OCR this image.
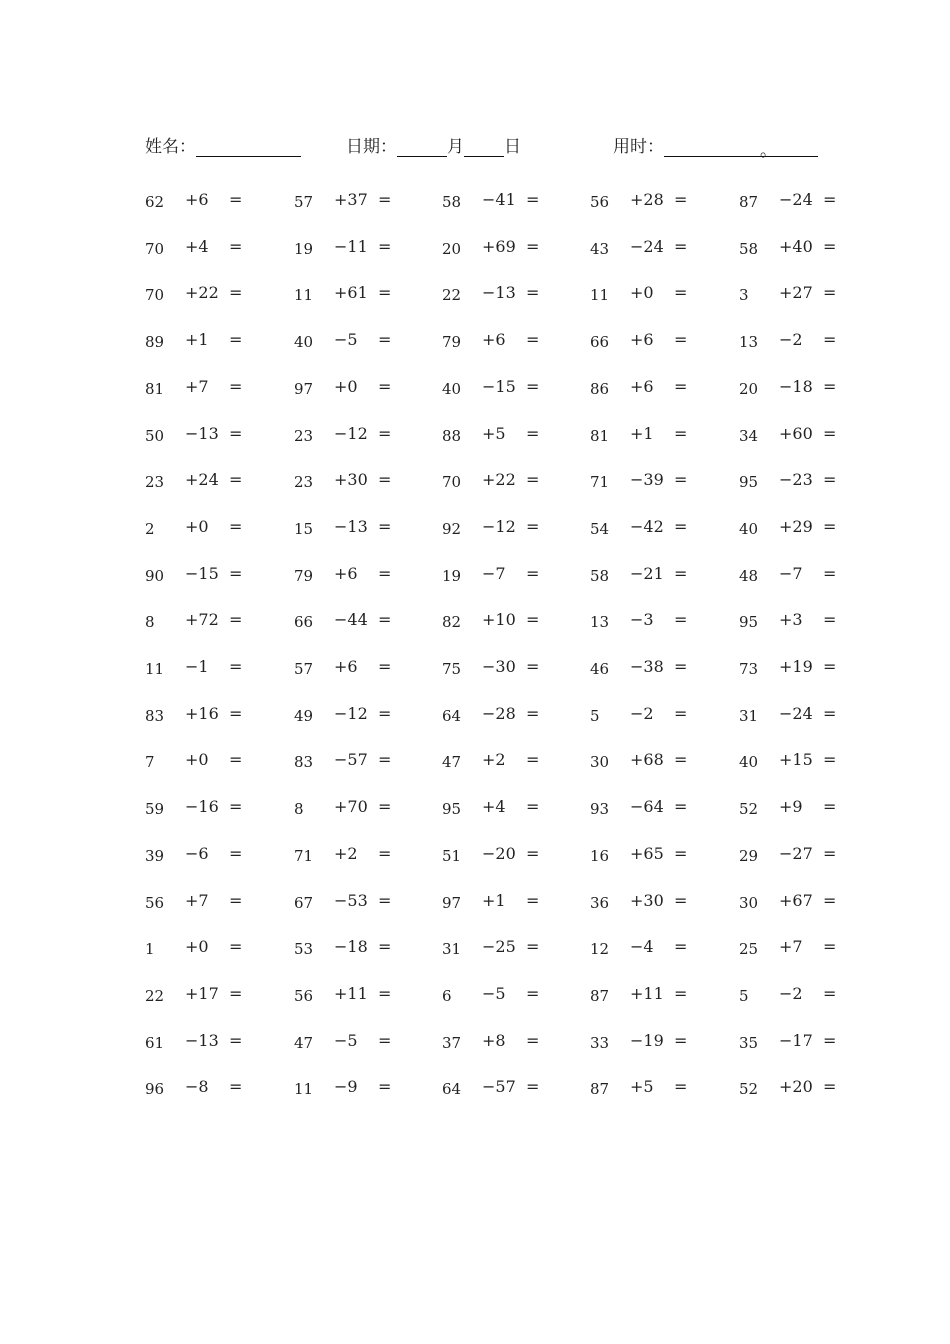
姓名：	日期：	月 日	用时：	。
62 +6 =	57 +37 =	58 −41 =	56 +28 =	87 −24 =
70 +4 =	19 −11 =	20 +69 =	43 −24 =	58 +40 =
70 +22 =	11 +61 =	22 −13 =	11 +0 =	3 +27 =
89 +1 =	40 −5 =	79 +6 =	66 +6 =	13 −2 =
81 +7 =	97 +0 =	40 −15 =	86 +6 =	20 −18 =
50 −13 =	23 −12 =	88 +5 =	81 +1 =	34 +60 =
23 +24 =	23 +30 =	70 +22 =	71 −39 =	95 −23 =
2 +0 =	15 −13 =	92 −12 =	54 −42 =	40 +29 =
90 −15 =	79 +6 =	19 −7 =	58 −21 =	48 −7 =
8 +72 =	66 −44 =	82 +10 =	13 −3 =	95 +3 =
11 −1 =	57 +6 =	75 −30 =	46 −38 =	73 +19 =
83 +16 =	49 −12 =	64 −28 =	5 −2 =	31 −24 =
7 +0 =	83 −57 =	47 +2 =	30 +68 =	40 +15 =
59 −16 =	8 +70 =	95 +4 =	93 −64 =	52 +9 =
39 −6 =	71 +2 =	51 −20 =	16 +65 =	29 −27 =
56 +7 =	67 −53 =	97 +1 =	36 +30 =	30 +67 =
1 +0 =	53 −18 =	31 −25 =	12 −4 =	25 +7 =
22 +17 =	56 +11 =	6 −5 =	87 +11 =	5 −2 =
61 −13 =	47 −5 =	37 +8 =	33 −19 =	35 −17 =
96 −8 =	11 −9 =	64 −57 =	87 +5 =	52 +20 =
